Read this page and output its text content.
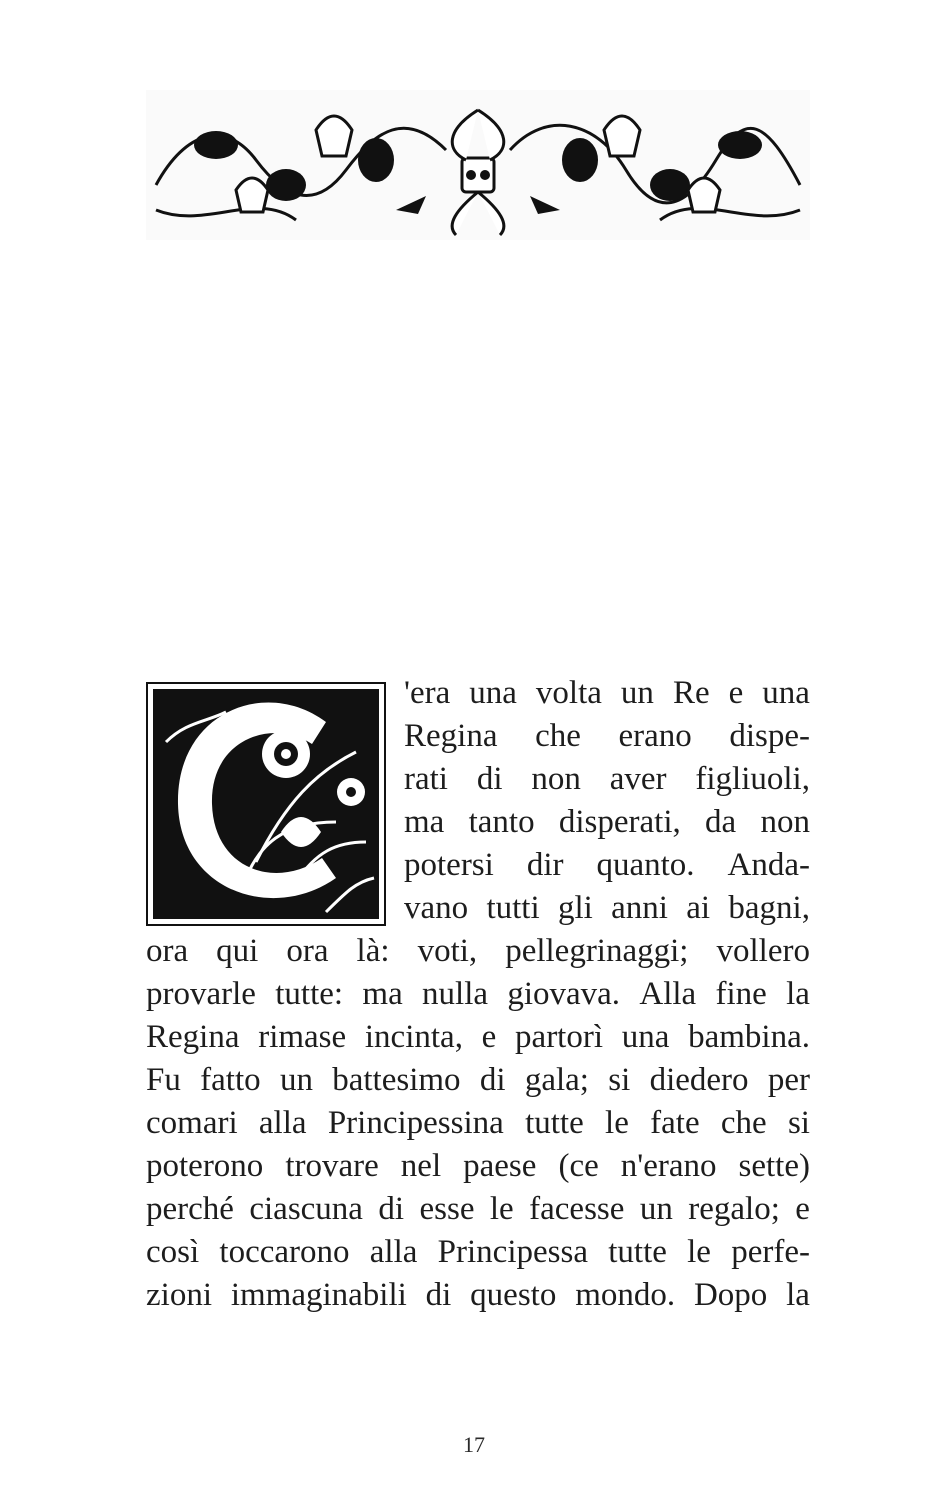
'era una volta un Re e una
Regina che erano dispe-
rati di non aver figliuoli,
ma tanto disperati, da non
potersi dir quanto. Anda-
vano tutti gli anni ai bagni,
ora qui ora là: voti, pellegrinaggi; vollero
provarle tutte: ma nulla giovava. Alla fine la
Regina rimase incinta, e partorì una bambina.
Fu fatto un battesimo di gala; si diedero per
comari alla Principessina tutte le fate che si
poterono trovare nel paese (ce n'erano sette)
perché ciascuna di esse le facesse un regalo; e
così toccarono alla Principessa tutte le perfe-
zioni immaginabili di questo mondo. Dopo la
17
